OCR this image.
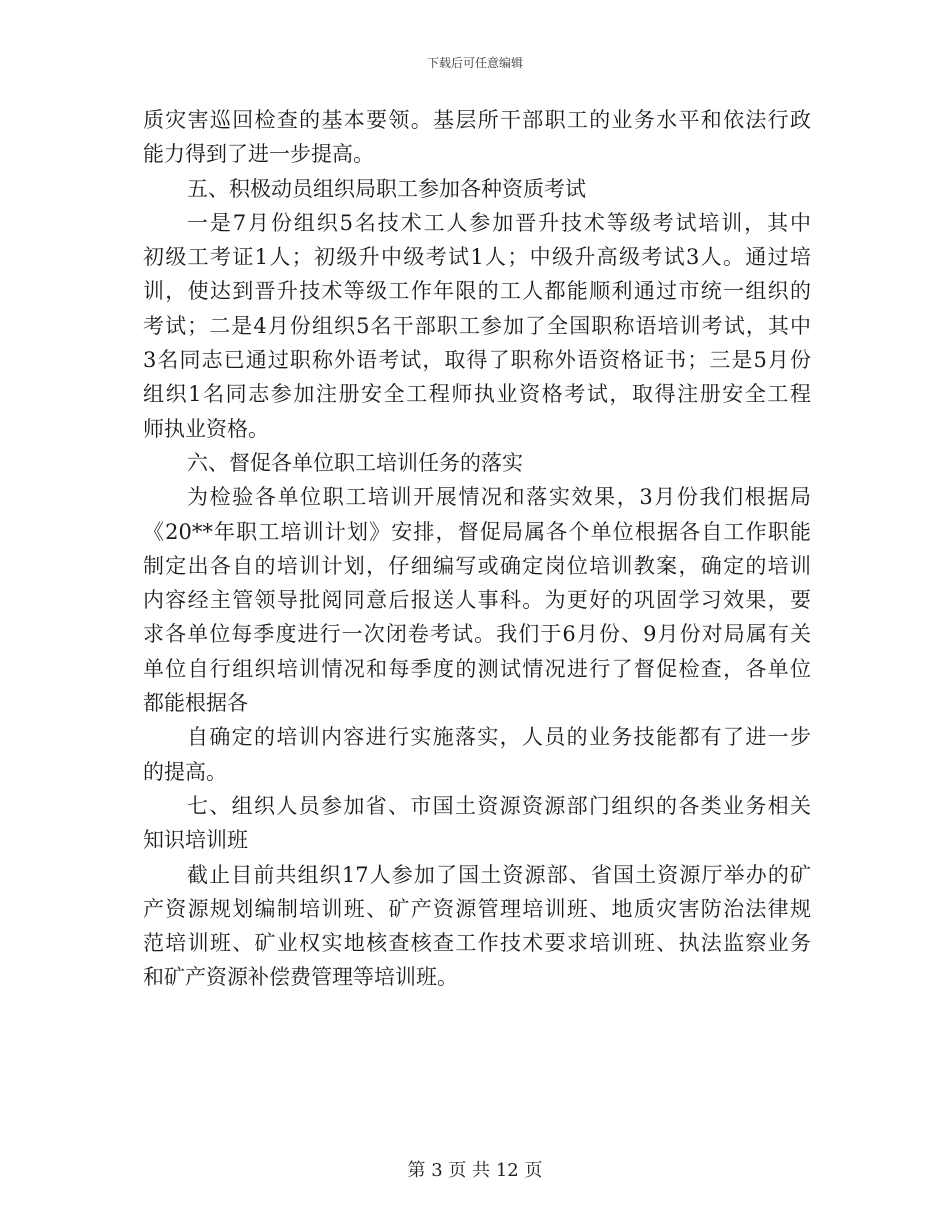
下载后可任意编辑
质灾害巡回检查的基本要领。基层所干部职工的业务水平和依法行政
能力得到了进一步提高。
五、积极动员组织局职工参加各种资质考试
一是7月份组织5名技术工人参加晋升技术等级考试培训，其中
初级工考证1人；初级升中级考试1人；中级升高级考试3人。通过培
训，使达到晋升技术等级工作年限的工人都能顺利通过市统一组织的
考试；二是4月份组织5名干部职工参加了全国职称语培训考试，其中
3名同志已通过职称外语考试，取得了职称外语资格证书；三是5月份
组织1名同志参加注册安全工程师执业资格考试，取得注册安全工程
师执业资格。
六、督促各单位职工培训任务的落实
为检验各单位职工培训开展情况和落实效果，3月份我们根据局
《20**年职工培训计划》安排，督促局属各个单位根据各自工作职能
制定出各自的培训计划，仔细编写或确定岗位培训教案，确定的培训
内容经主管领导批阅同意后报送人事科。为更好的巩固学习效果，要
求各单位每季度进行一次闭卷考试。我们于6月份、9月份对局属有关
单位自行组织培训情况和每季度的测试情况进行了督促检查，各单位
都能根据各
自确定的培训内容进行实施落实，人员的业务技能都有了进一步
的提高。
七、组织人员参加省、市国土资源资源部门组织的各类业务相关
知识培训班
截止目前共组织17人参加了国土资源部、省国土资源厅举办的矿
产资源规划编制培训班、矿产资源管理培训班、地质灾害防治法律规
范培训班、矿业权实地核查核查工作技术要求培训班、执法监察业务
和矿产资源补偿费管理等培训班。
第 3 页 共 12 页
